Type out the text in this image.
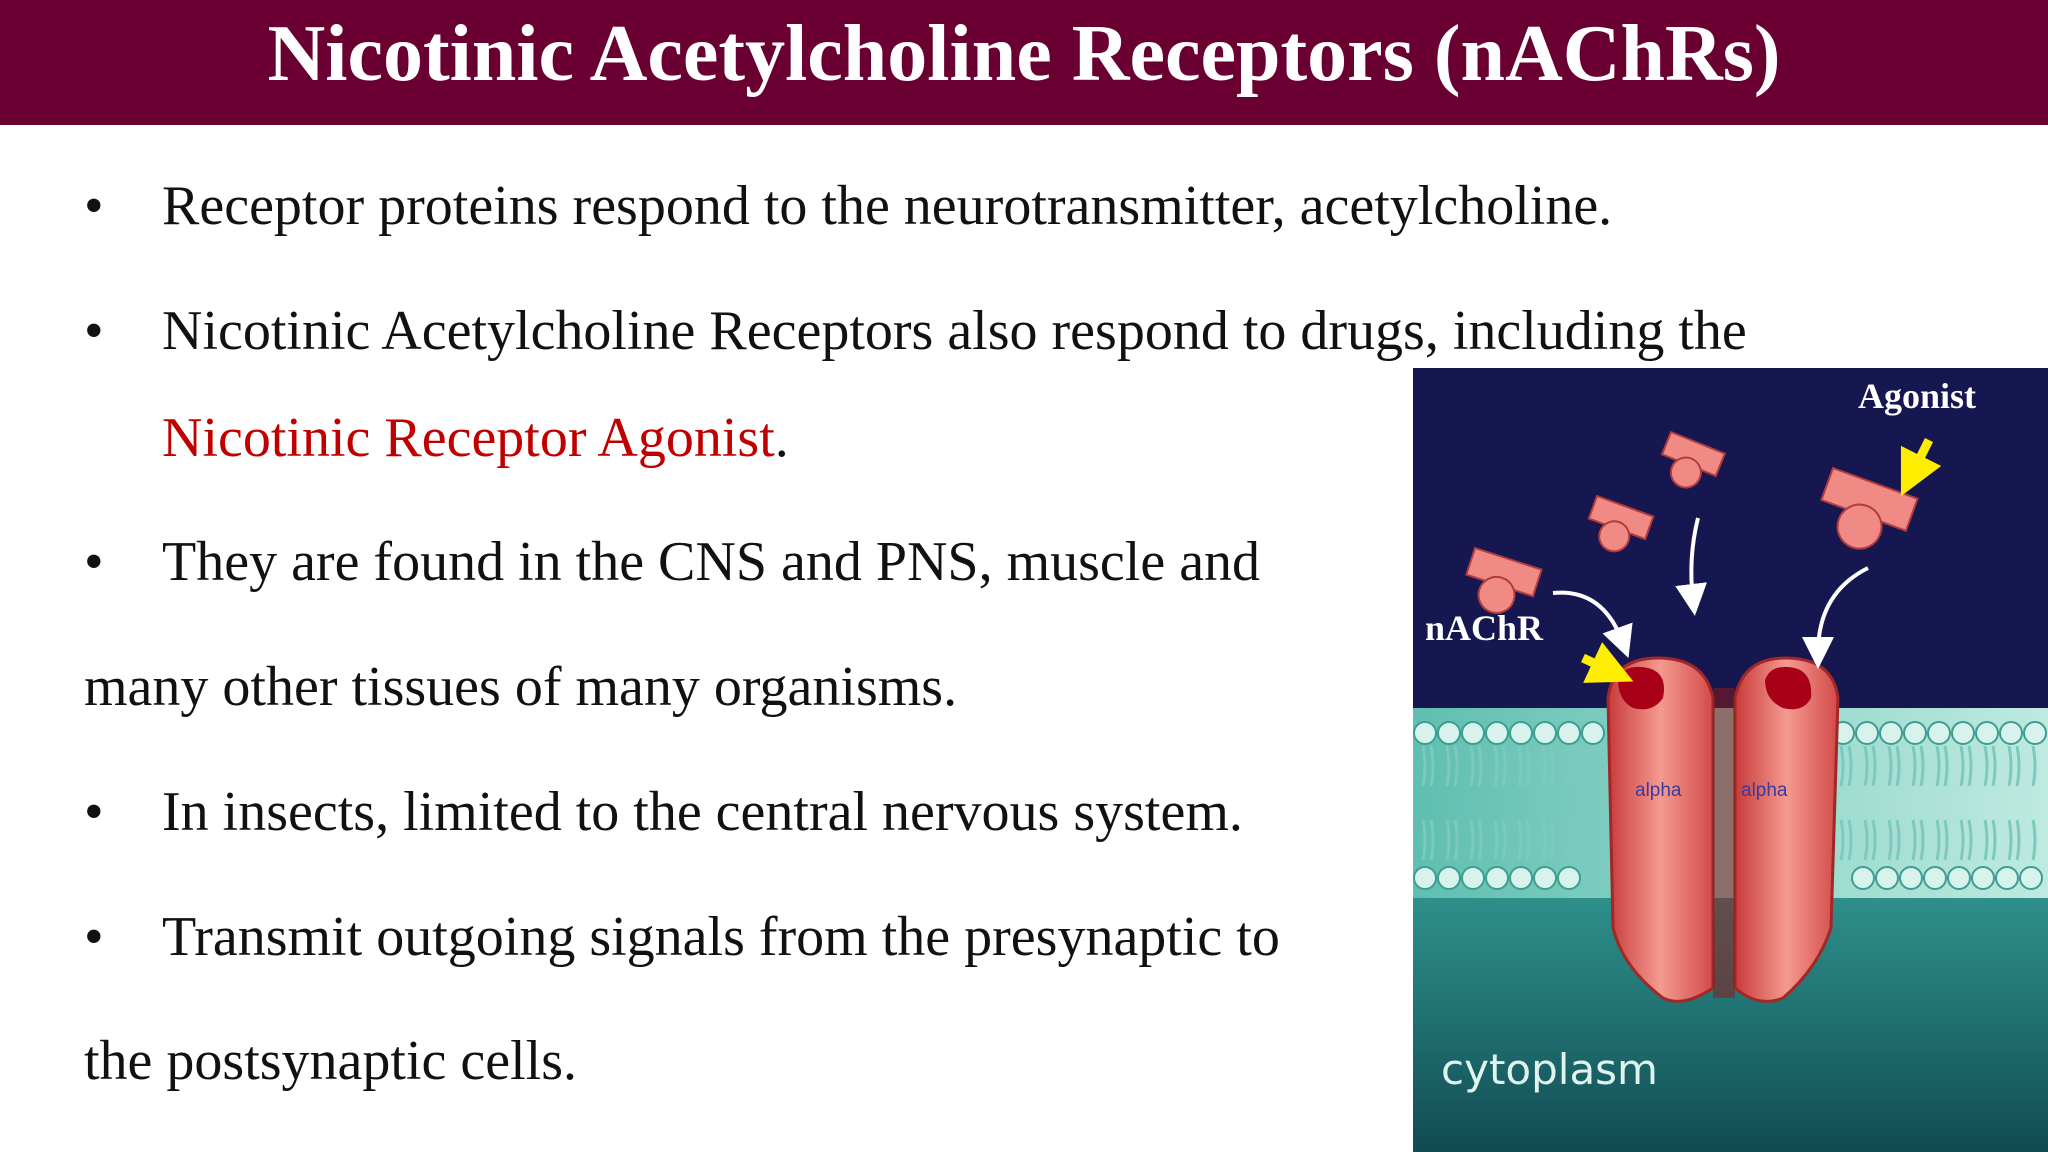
Nicotinic Acetylcholine Receptors (nAChRs)
• Receptor proteins respond to the neurotransmitter, acetylcholine.
• Nicotinic Acetylcholine Receptors also respond to drugs, including the
Nicotinic Receptor Agonist.
• They are found in the CNS and PNS, muscle and
many other tissues of many organisms.
• In insects, limited to the central nervous system.
• Transmit outgoing signals from the presynaptic to
the postsynaptic cells.
alpha	alpha
Agonist
nAChR
cytoplasm
